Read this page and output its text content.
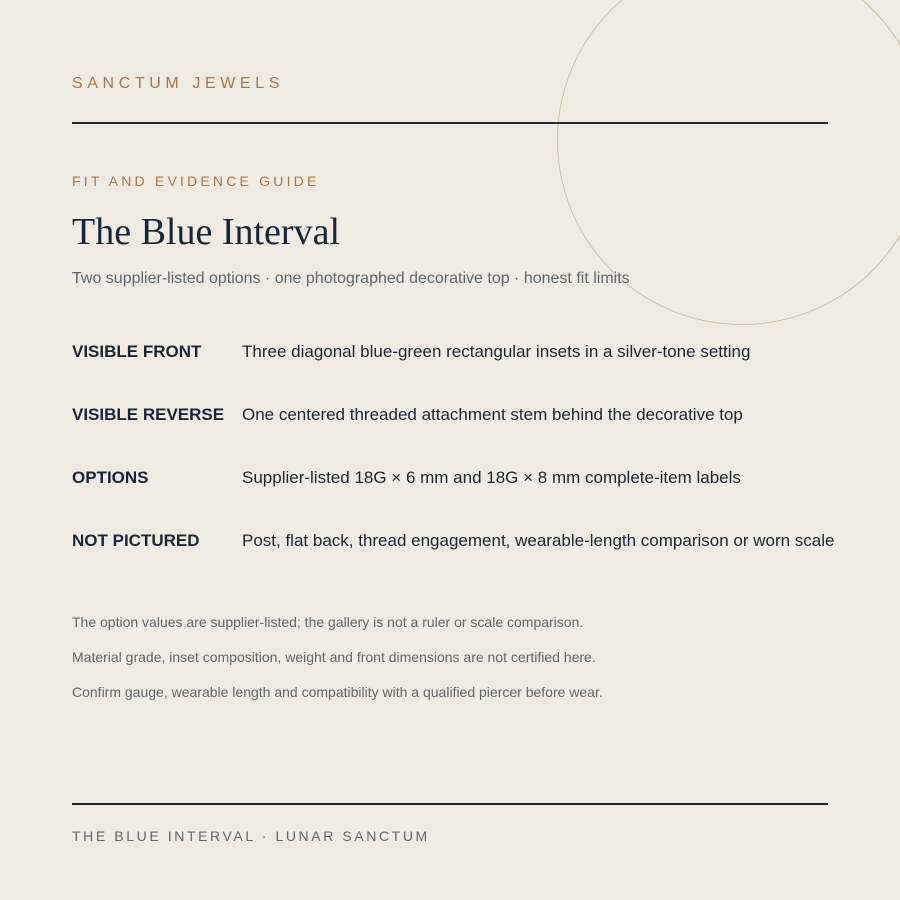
SANCTUM JEWELS
FIT AND EVIDENCE GUIDE
The Blue Interval
Two supplier-listed options · one photographed decorative top · honest fit limits
VISIBLE FRONT Three diagonal blue-green rectangular insets in a silver-tone setting
VISIBLE REVERSE One centered threaded attachment stem behind the decorative top
OPTIONS	Supplier-listed 18G × 6 mm and 18G × 8 mm complete-item labels
NOT PICTURED	Post, flat back, thread engagement, wearable-length comparison or worn scale
The option values are supplier-listed; the gallery is not a ruler or scale comparison.
Material grade, inset composition, weight and front dimensions are not certified here.
Confirm gauge, wearable length and compatibility with a qualified piercer before wear.
THE BLUE INTERVAL · LUNAR SANCTUM
